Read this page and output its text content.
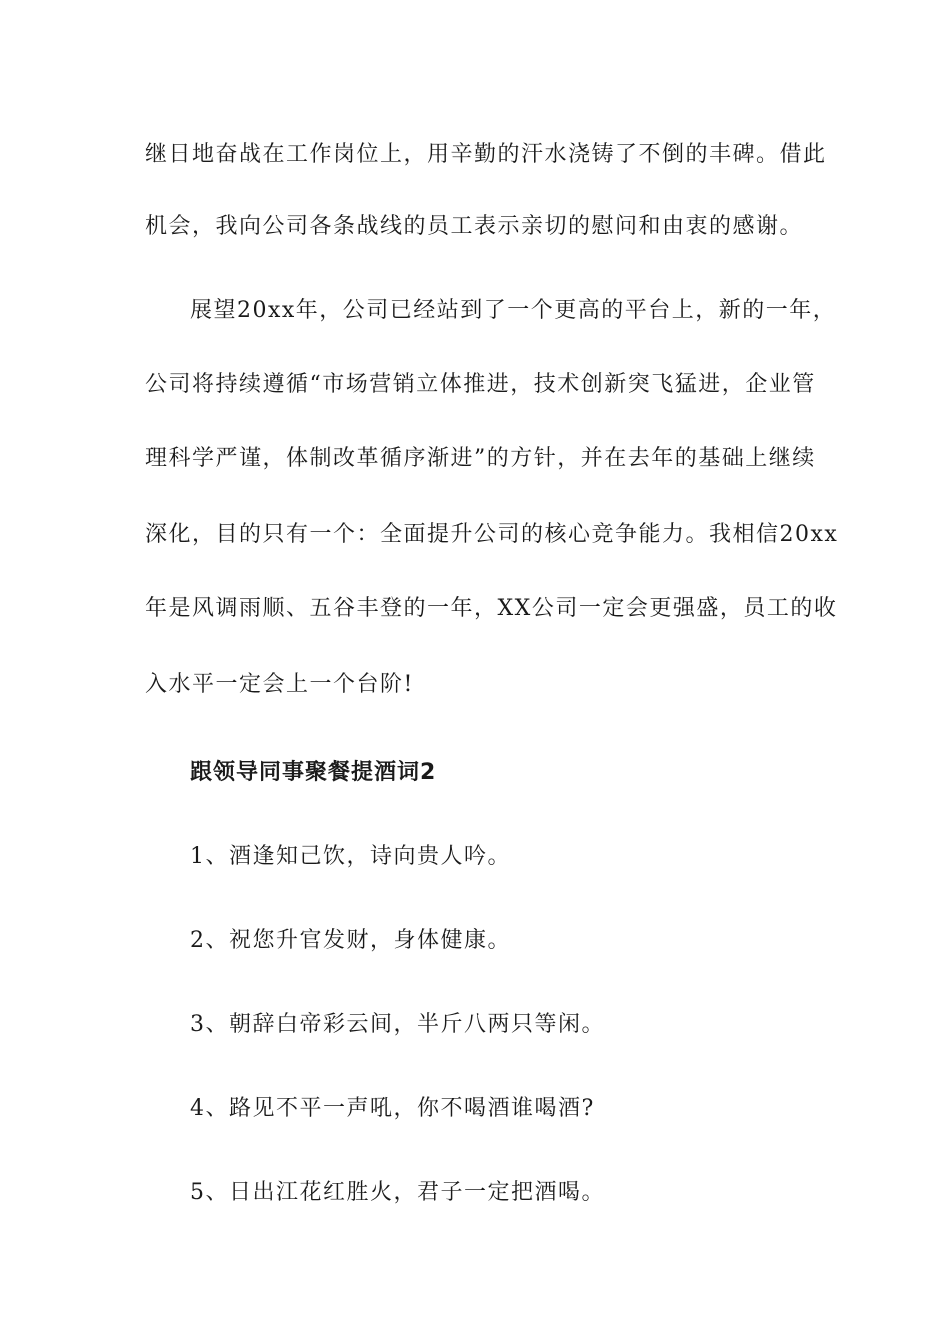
继日地奋战在工作岗位上，用辛勤的汗水浇铸了不倒的丰碑。借此
机会，我向公司各条战线的员工表示亲切的慰问和由衷的感谢。
展望20xx年，公司已经站到了一个更高的平台上，新的一年，
公司将持续遵循“市场营销立体推进，技术创新突飞猛进，企业管
理科学严谨，体制改革循序渐进”的方针，并在去年的基础上继续
深化，目的只有一个：全面提升公司的核心竞争能力。我相信20xx
年是风调雨顺、五谷丰登的一年，XX公司一定会更强盛，员工的收
入水平一定会上一个台阶!
跟领导同事聚餐提酒词2
1、酒逢知己饮，诗向贵人吟。
2、祝您升官发财，身体健康。
3、朝辞白帝彩云间，半斤八两只等闲。
4、路见不平一声吼，你不喝酒谁喝酒?
5、日出江花红胜火，君子一定把酒喝。
